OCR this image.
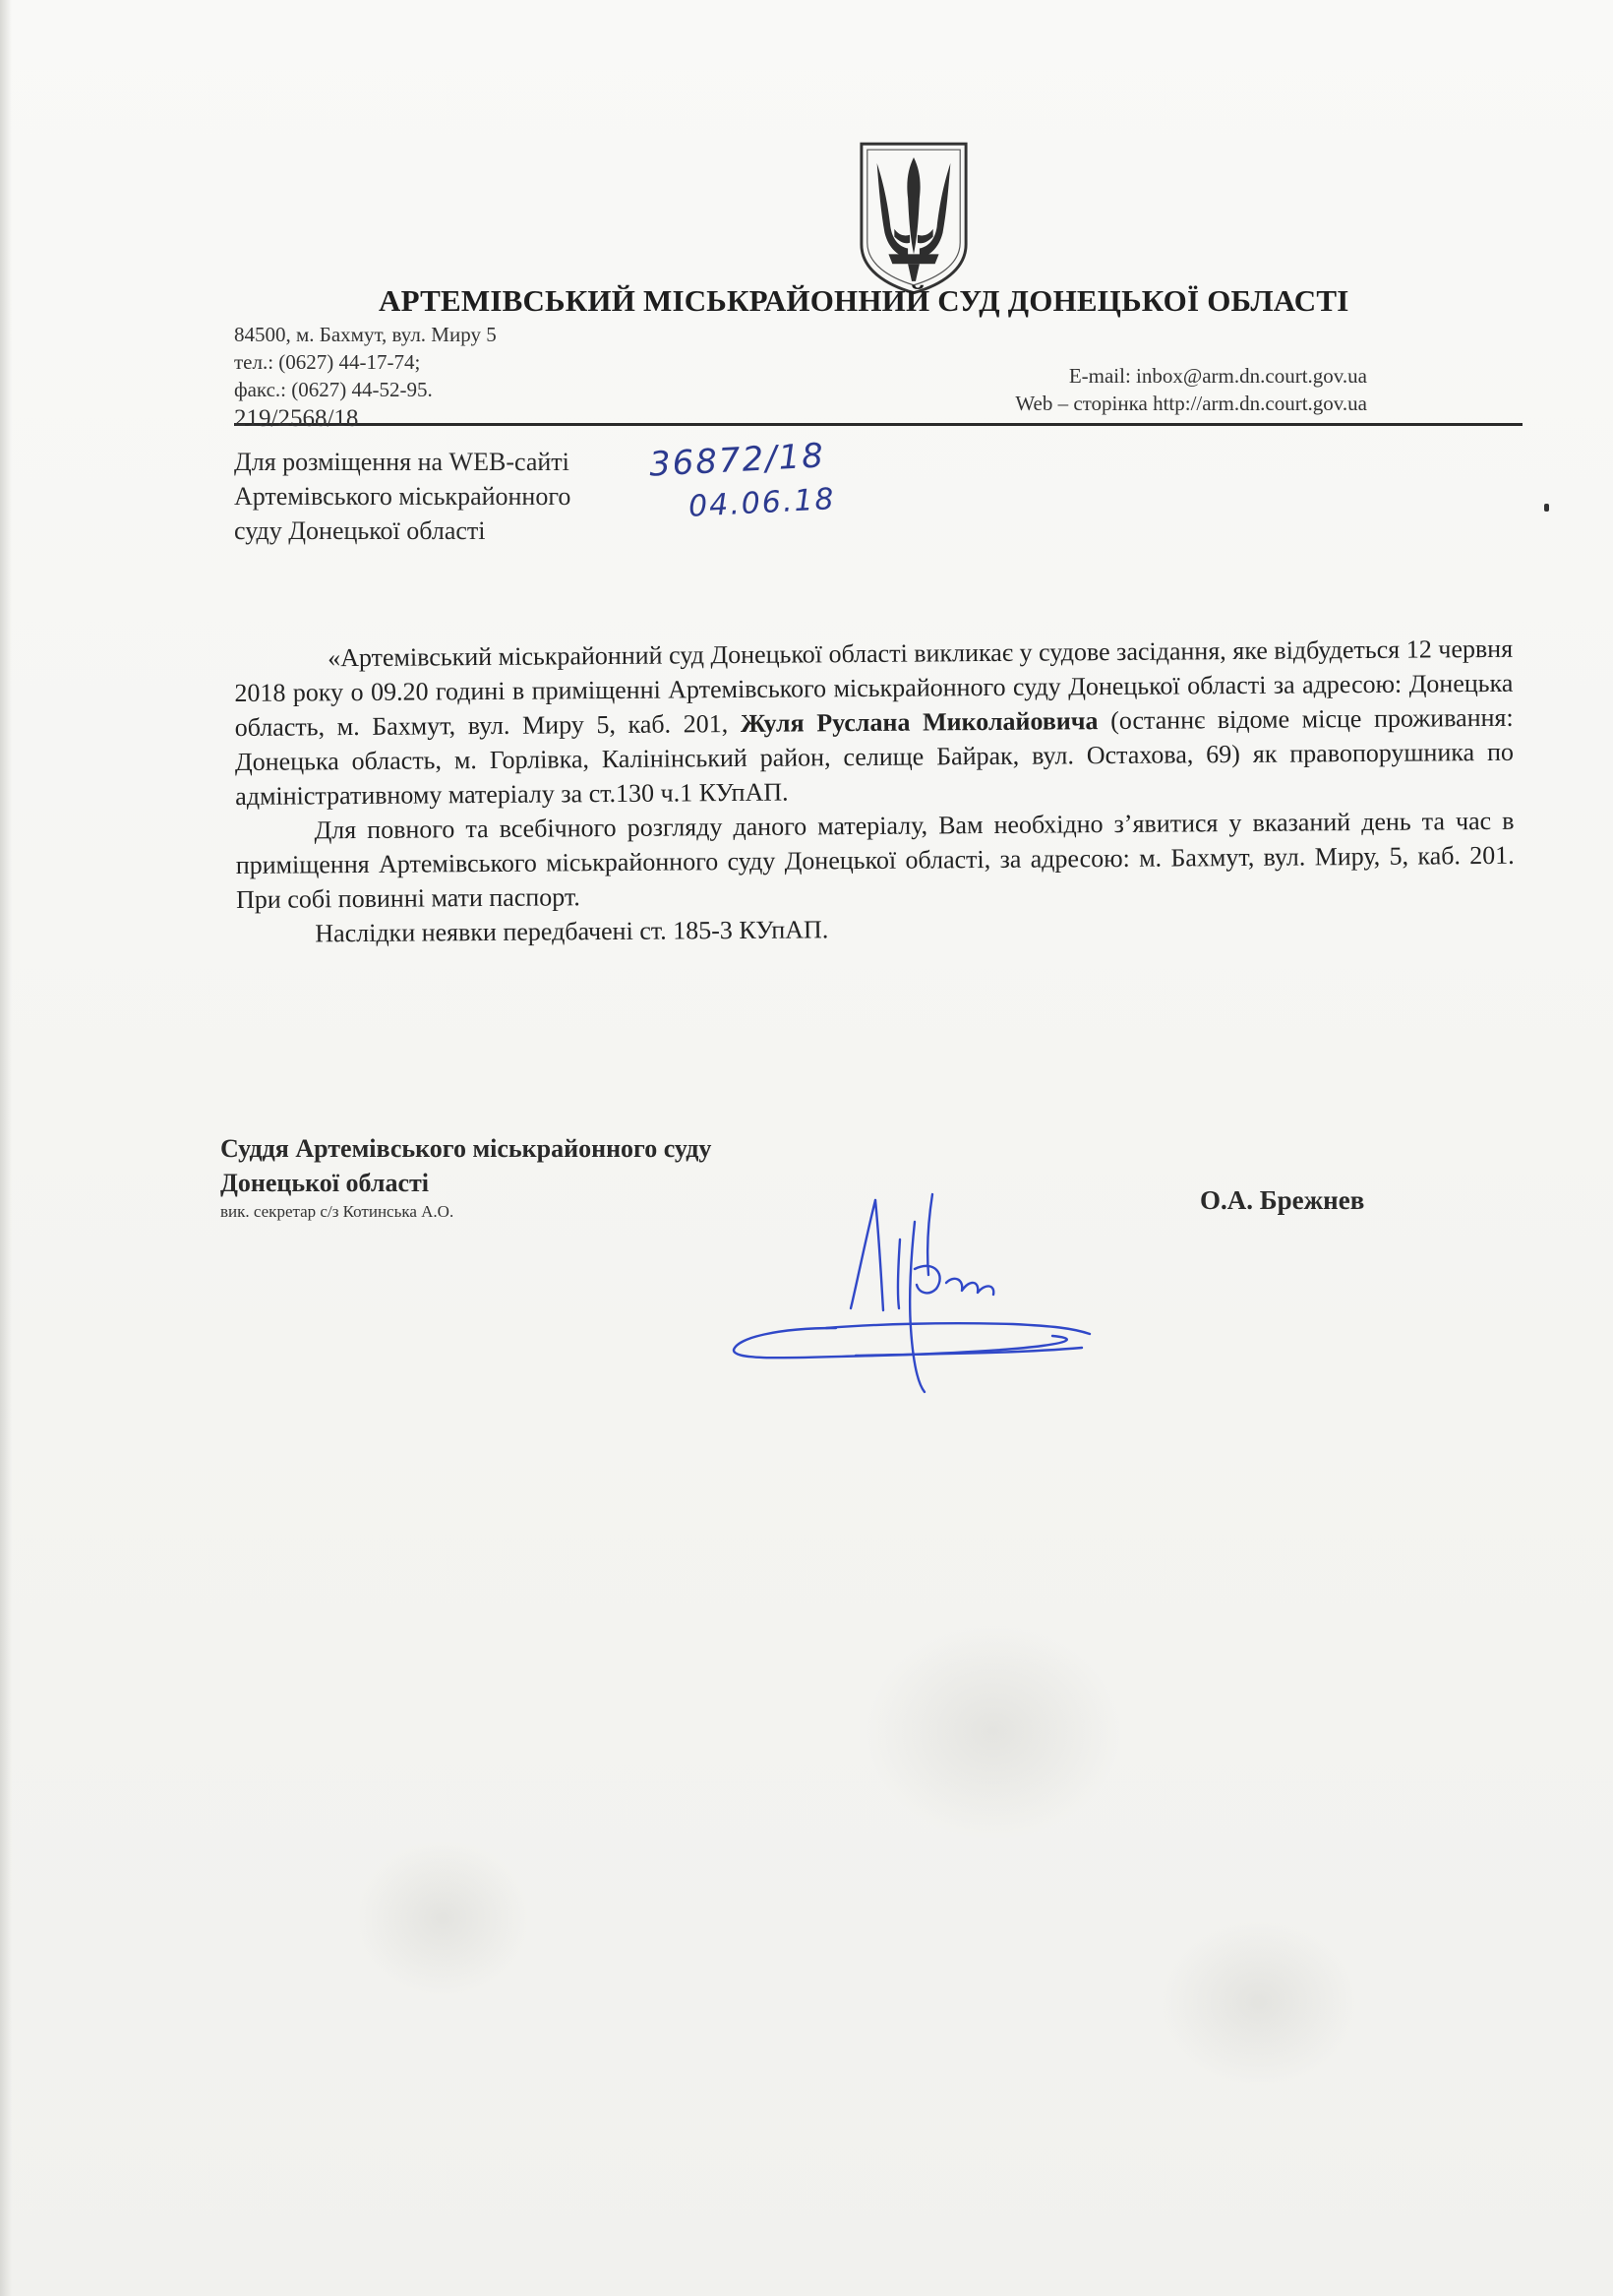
АРТЕМІВСЬКИЙ МІСЬКРАЙОННИЙ СУД ДОНЕЦЬКОЇ ОБЛАСТІ
84500, м. Бахмут, вул. Миру 5
тел.: (0627) 44-17-74;
факс.: (0627) 44-52-95.
E-mail: inbox@arm.dn.court.gov.ua
Web – сторінка http://arm.dn.court.gov.ua
219/2568/18
Для розміщення на WEB-сайті
Артемівського міськрайонного
суду Донецької області
36872/18
04.06.18

«Артемівський міськрайонний суд Донецької області викликає у судове засідання, яке відбудеться 12 червня 2018 року о 09.20 годині в приміщенні Артемівського міськрайонного суду Донецької області за адресою: Донецька область, м. Бахмут, вул. Миру 5, каб. 201, Жуля Руслана Миколайовича (останнє відоме місце проживання: Донецька область, м. Горлівка, Калінінський район, селище Байрак, вул. Остахова, 69) як правопорушника по адміністративному матеріалу за ст.130 ч.1 КУпАП.

Для повного та всебічного розгляду даного матеріалу, Вам необхідно з’явитися у вказаний день та час в приміщення Артемівського міськрайонного суду Донецької області, за адресою: м. Бахмут, вул. Миру, 5, каб. 201. При собі повинні мати паспорт.

Наслідки неявки передбачені ст. 185-3 КУпАП.

Суддя Артемівського міськрайонного суду
Донецької області
вик. секретар с/з Котинська А.О.	О.А. Брежнев
